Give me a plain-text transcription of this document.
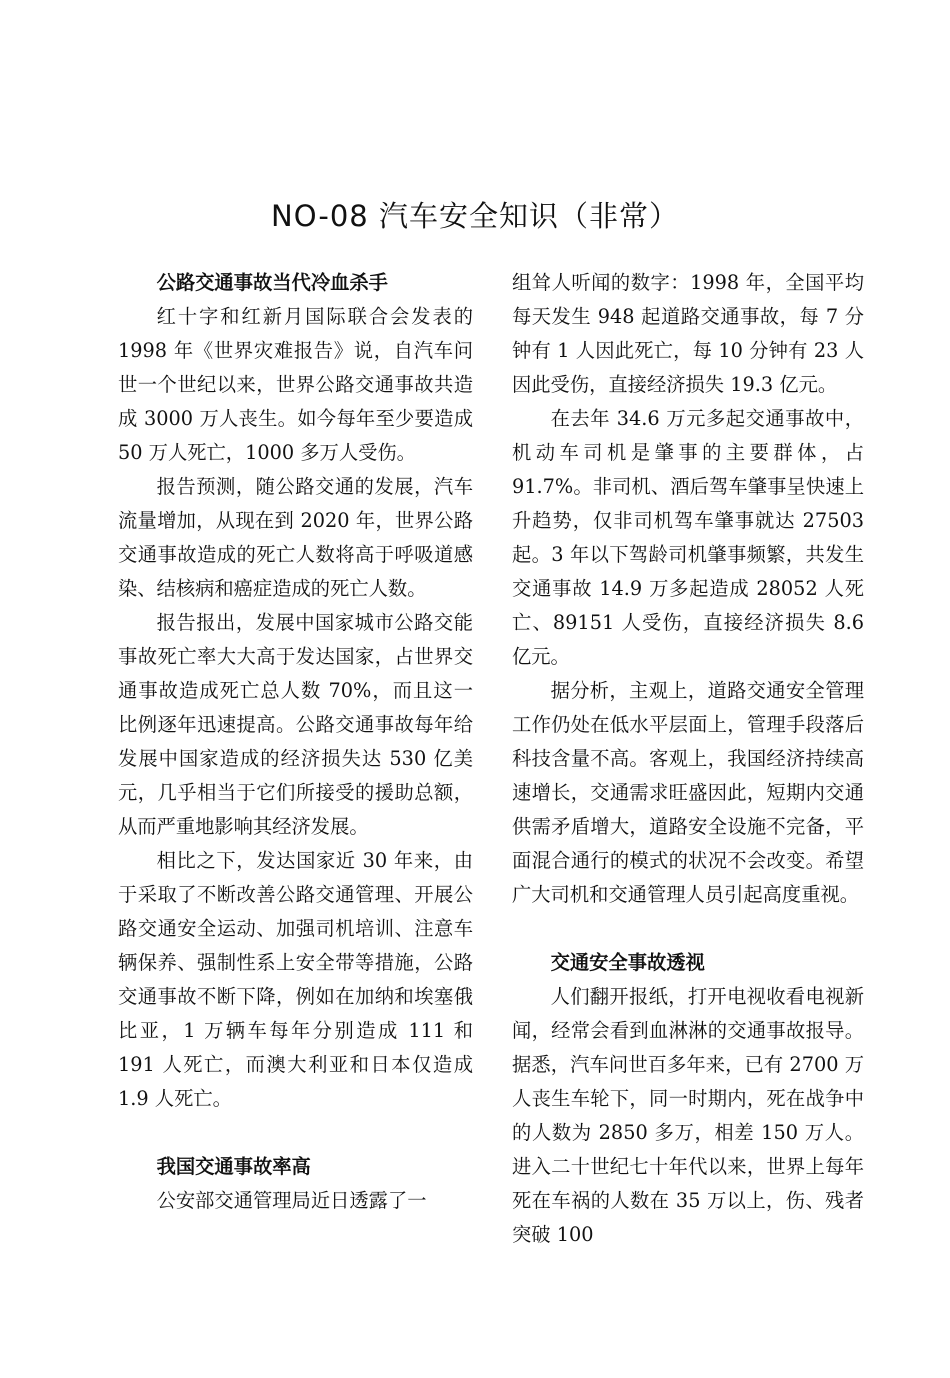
NO-08 汽车安全知识（非常）
公路交通事故当代冷血杀手

红十字和红新月国际联合会发表的 1998 年《世界灾难报告》说，自汽车问世一个世纪以来，世界公路交通事故共造成 3000 万人丧生。如今每年至少要造成 50 万人死亡，1000 多万人受伤。

报告预测，随公路交通的发展，汽车流量增加，从现在到 2020 年，世界公路交通事故造成的死亡人数将高于呼吸道感染、结核病和癌症造成的死亡人数。

报告报出，发展中国家城市公路交能事故死亡率大大高于发达国家，占世界交通事故造成死亡总人数 70%，而且这一比例逐年迅速提高。公路交通事故每年给发展中国家造成的经济损失达 530 亿美元，几乎相当于它们所接受的援助总额，从而严重地影响其经济发展。

相比之下，发达国家近 30 年来，由于采取了不断改善公路交通管理、开展公路交通安全运动、加强司机培训、注意车辆保养、强制性系上安全带等措施，公路交通事故不断下降，例如在加纳和埃塞俄比亚，1 万辆车每年分别造成 111 和 191 人死亡，而澳大利亚和日本仅造成 1.9 人死亡。

我国交通事故率高

公安部交通管理局近日透露了一

组耸人听闻的数字：1998 年，全国平均每天发生 948 起道路交通事故，每 7 分钟有 1 人因此死亡，每 10 分钟有 23 人因此受伤，直接经济损失 19.3 亿元。

在去年 34.6 万元多起交通事故中，机动车司机是肇事的主要群体，占 91.7%。非司机、酒后驾车肇事呈快速上升趋势，仅非司机驾车肇事就达 27503 起。3 年以下驾龄司机肇事频繁，共发生交通事故 14.9 万多起造成 28052 人死亡、89151 人受伤，直接经济损失 8.6 亿元。

据分析，主观上，道路交通安全管理工作仍处在低水平层面上，管理手段落后科技含量不高。客观上，我国经济持续高速增长，交通需求旺盛因此，短期内交通供需矛盾增大，道路安全设施不完备，平面混合通行的模式的状况不会改变。希望广大司机和交通管理人员引起高度重视。

交通安全事故透视

人们翻开报纸，打开电视收看电视新闻，经常会看到血淋淋的交通事故报导。据悉，汽车问世百多年来，已有 2700 万人丧生车轮下，同一时期内，死在战争中的人数为 2850 多万，相差 150 万人。进入二十世纪七十年代以来，世界上每年死在车祸的人数在 35 万以上，伤、残者突破 100
